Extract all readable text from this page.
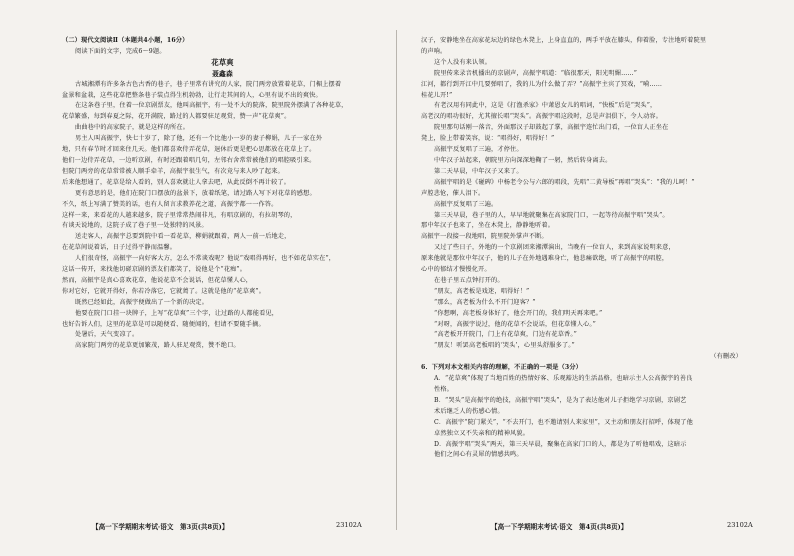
（二）现代文阅读Ⅱ（本题共4小题，16分）
阅读下面的文字，完成6～9题。
花草爽
聂鑫森
古城湘潭有许多条古色古香的巷子，巷子里常有讲究的人家，院门两旁放置着花草，门楣上摆着
盆景和盆栽，这些花草把整条巷子装点得生机勃勃，让行走其间的人，心里有说不出的爽快。
在这条巷子里，住着一位京剧票友，他叫高振宇，有一处不大的院落，院里院外摆满了各种花草，
花草繁盛，每到春夏之际，花开满院，路过的人都要驻足观赏，赞一声“花草爽”。
曲曲巷中的高家院子，就是这样的所在。
男主人叫高振宇，快七十岁了，除了他，还有一个比他小一岁的妻子柳娟，儿子一家在外
地，只有春节时才回来住几天。他们都喜欢侍弄花草，退休后更是把心思都放在花草上了。
他们一边侍弄花草，一边听京剧，有时还跟着唱几句，左邻右舍常常被他们的唱腔吸引来。
但院门两旁的花草常常被人顺手牵羊，高振宇很生气，有次竟与来人吵了起来。
后来他想通了，花草是给人看的，别人喜欢就让人拿去吧，从此反倒不再计较了。
更有意思的是，他们在院门口摆放的盆景下，放着纸笔，请过路人写下对花草的感想。
不久，纸上写满了赞美的话，也有人留言求教养花之道，高振宇都一一作答。
这样一来，来看花的人越来越多，院子里常常热闹非凡，有唱京剧的，有拉胡琴的，
有谈天说地的，这院子成了巷子里一处独特的风景。
送走客人，高振宇总要到院中看一看花草，柳娟就跟着，两人一前一后地走，
在花草间说着话，日子过得平静而温馨。
人们很奇怪，高振宇一向好客大方，怎么不常谈戏呢？他说“戏唱得再好，也不如花草实在”，
这话一传开，来找他切磋京剧的票友们都笑了，说他是个“花痴”。
然而，高振宇是真心喜欢花草，他说花草不会说话，但花草懂人心，
你对它好，它就开得好，你若冷落它，它就蔫了。这就是他的“花草爽”。
既然已经如此，高振宇便做出了一个新的决定。
他要在院门口挂一块牌子，上写“花草爽”三个字，让过路的人都能看见，
也好告诉人们，这里的花草是可以随便看、随便闻的，但请不要随手摘。
处暑后，天气变凉了。
高家院门两旁的花草更加繁茂，路人驻足观赏，赞不绝口。
【高一下学期期末考试·语文　第3页(共8页)】	23102A
汉子，安静地坐在高家花坛边的绿色木凳上，上身直直的，两手平放在膝头，仰着脸，专注地听着院里
的声响。
这个人没有来认领。
院里传来录音机播出的京剧声，高振宇唱道：“临很那天，阳光明媚……”
江河，都行到开江中几要弹唱了，我的儿为什么做了弄？”高振宇主宾了冥戏，“嗬……
桂花儿开!”
有老汉用有同此中，这是《打渔杀家》中萧恩女儿的唱词，“快板”后是“哭头”，
高老汉的唱功很好，尤其擅长唱“哭头”。高振宇唱这段时，总是声泪俱下，令人动容。
院里那句话刚一落音，外面那汉子却鼓起了掌，高振宇连忙出门看，一位盲人正坐在
凳上，脸上带着笑容，说：“唱得好，唱得好！”
高振宇反复唱了三遍，才停住。
中年汉子站起来，朝院里方向深深地鞠了一躬，然后转身离去。
第二天早晨，中年汉子又来了。
高振宇唱的是《碰碑》中杨老令公与六郎的唱段，先唱“二黄导板”再唱“哭头”：“我的儿呵！”
声腔悲怆，催人泪下。
高振宇反复唱了三遍。
第三天早晨，巷子里的人，早早地就聚集在高家院门口，一起等待高振宇唱“哭头”。
那中年汉子也来了，坐在木凳上，静静地听着。
高振宇一段接一段地唱，院里院外掌声不断。
又过了些日子，外地的一个京剧团来湘潭演出，当晚有一位盲人，来到高家说明来意，
原来他就是那位中年汉子，他的儿子在外地遇难身亡，他悲痛欲绝，听了高振宇的唱腔，
心中的郁结才慢慢化开。
在巷子里五点钟打开的。
“朋友，高老板是戏迷，唱得好！”
“那么，高老板为什么不开门迎客？”
“你想啊，高老板身体好了，他会开门的，我们明天再来吧。”
“对呀，高振宇说过，他的花草不会说话，但花草懂人心。”
“高老板开开院门，门上有花草爽，门边有花草香。”
“朋友！听罢高老板唱的‘哭头’，心里头舒服多了。”
（有删改）
6．下列对本文相关内容的理解，不正确的一项是（3分）
A．“花草爽”体现了当地百姓的热情好客、乐观豁达的生活品格，也暗示主人公高振宇的善良
性格。
B．“哭头”是高振宇的绝技，高振宇唱“哭头”，是为了表达他对儿子拒绝学习京剧，京剧艺
术后继乏人的伤感心情。
C．高振宇“院门紧关”，“不去开门，也不邀请别人来家里”，又主动和朋友打招呼，体现了他
卓然独立又不失亲和的精神风貌。
D．高振宇唱“哭头”两天，第三天早晨，聚集在高家门口的人，都是为了听他唱戏，这暗示
他们之间心有灵犀的情感共鸣。
【高一下学期期末考试·语文　第4页(共8页)】	23102A
